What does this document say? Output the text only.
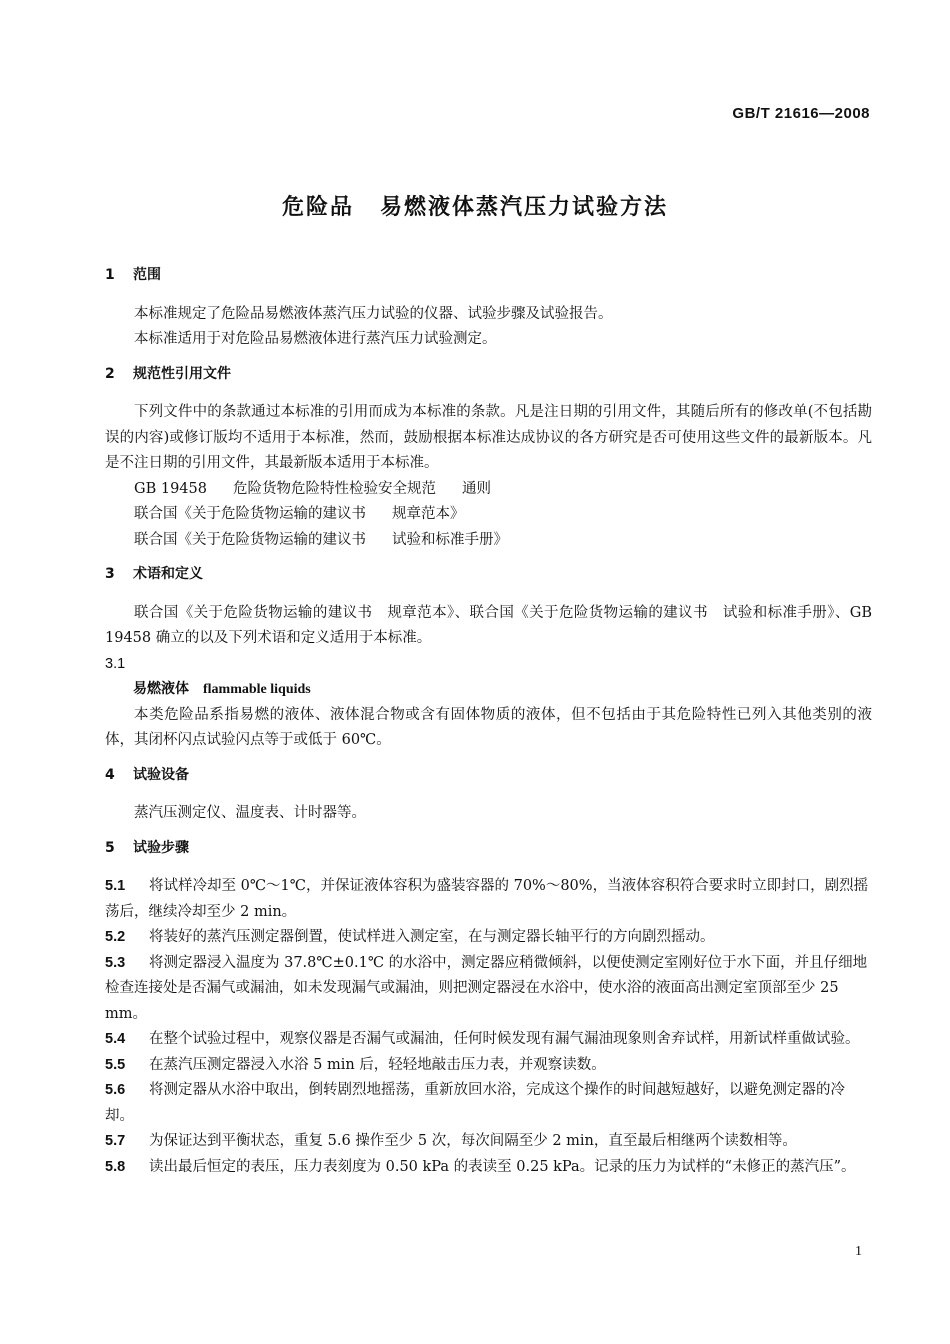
GB/T 21616—2008
危险品 易燃液体蒸汽压力试验方法

1 范围

本标准规定了危险品易燃液体蒸汽压力试验的仪器、试验步骤及试验报告。

本标准适用于对危险品易燃液体进行蒸汽压力试验测定。

2 规范性引用文件

下列文件中的条款通过本标准的引用而成为本标准的条款。凡是注日期的引用文件，其随后所有的修改单(不包括勘误的内容)或修订版均不适用于本标准，然而，鼓励根据本标准达成协议的各方研究是否可使用这些文件的最新版本。凡是不注日期的引用文件，其最新版本适用于本标准。

GB 19458 危险货物危险特性检验安全规范 通则

联合国《关于危险货物运输的建议书 规章范本》

联合国《关于危险货物运输的建议书 试验和标准手册》

3 术语和定义

联合国《关于危险货物运输的建议书　规章范本》、联合国《关于危险货物运输的建议书　试验和标准手册》、GB 19458 确立的以及下列术语和定义适用于本标准。

3.1

易燃液体 flammable liquids

本类危险品系指易燃的液体、液体混合物或含有固体物质的液体，但不包括由于其危险特性已列入其他类别的液体，其闭杯闪点试验闪点等于或低于 60℃。

4 试验设备

蒸汽压测定仪、温度表、计时器等。

5 试验步骤

5.1 将试样冷却至 0℃～1℃，并保证液体容积为盛装容器的 70%～80%，当液体容积符合要求时立即封口，剧烈摇荡后，继续冷却至少 2 min。

5.2 将装好的蒸汽压测定器倒置，使试样进入测定室，在与测定器长轴平行的方向剧烈摇动。

5.3 将测定器浸入温度为 37.8℃±0.1℃ 的水浴中，测定器应稍微倾斜，以便使测定室刚好位于水下面，并且仔细地检查连接处是否漏气或漏油，如未发现漏气或漏油，则把测定器浸在水浴中，使水浴的液面高出测定室顶部至少 25 mm。

5.4 在整个试验过程中，观察仪器是否漏气或漏油，任何时候发现有漏气漏油现象则舍弃试样，用新试样重做试验。

5.5 在蒸汽压测定器浸入水浴 5 min 后，轻轻地敲击压力表，并观察读数。

5.6 将测定器从水浴中取出，倒转剧烈地摇荡，重新放回水浴，完成这个操作的时间越短越好，以避免测定器的冷却。

5.7 为保证达到平衡状态，重复 5.6 操作至少 5 次，每次间隔至少 2 min，直至最后相继两个读数相等。

5.8 读出最后恒定的表压，压力表刻度为 0.50 kPa 的表读至 0.25 kPa。记录的压力为试样的“未修正的蒸汽压”。

1
